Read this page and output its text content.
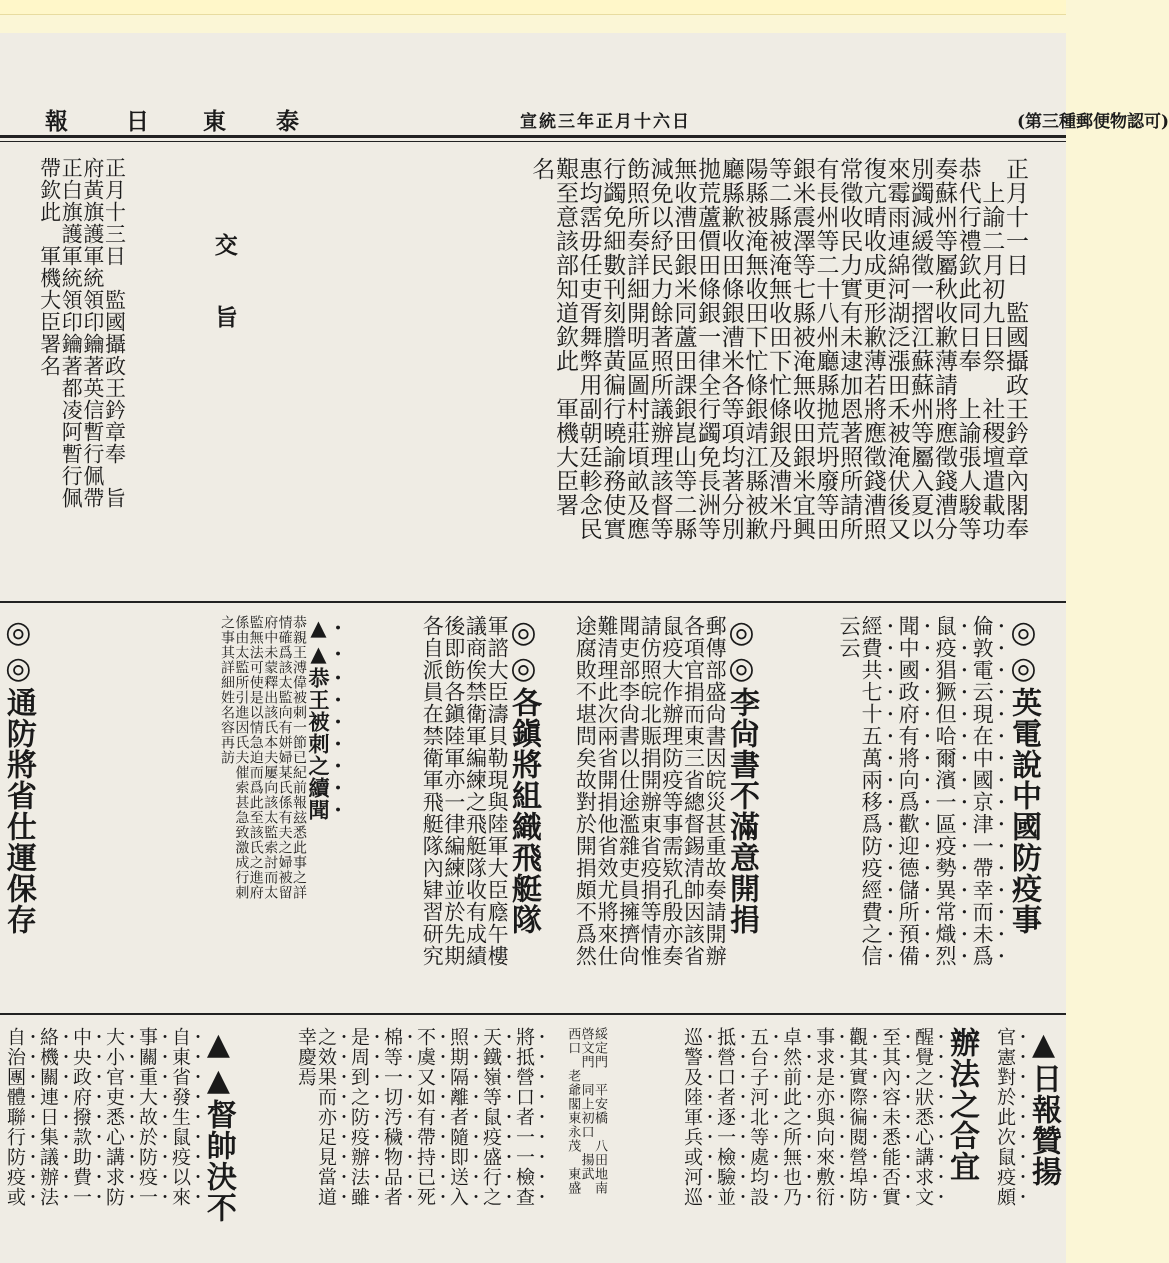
(第三種郵便物認可)
宣統三年正月十六日
泰
東
日
報
正月十一日　監國攝政王鈐章內閣奉
　上諭二月初九日祭　社稷壇遣載功
恭代行禮欽此同日奉　上諭張人駿等
奏蘇州等屬秋收歉薄請將應徵錢漕分
別蠲減緩徵一摺江蘇蘇州等屬入夏以
來霉雨連綿河湖泛漲田禾被淹伏後又
復亢晴收成更形歉薄若將應徵錢漕照
常徵收民力實有未逮加恩著照所請所
有長州等二十八州廳縣拋荒坍廢等田
銀米震澤等七縣被淹無收田銀米宜興
等二縣被淹無收田下忙條銀及漕米丹
陽縣被淹無收田下忙條銀靖江縣被歉
廳縣歉收田條銀漕米各等項均著分別
拋荒蘆價田條銀一律全行蠲免長洲等
無收漕田銀米同蘆田課銀崑山等二縣
減免以紓民力餘著照所議辦理該督等
飭照所奏詳細開明區圖村莊頃畝及應
行蠲免細數刊刻謄黃徧行曉諭務使實
惠均霑毋任吏胥舞弊用副朝廷軫念民
艱至意該部知道欽此　軍機大臣署
名
交　　旨
正月十三日　監國攝政王鈐章奉　旨
府黃旗護軍統領印鑰著英信暫行佩帶
正白旗護軍統領印鑰著都凌阿暫行佩
帶欽此　軍機大臣署名
◎◎英電說中國防疫事
倫敦電云現在中國京津一帶幸而未爲
鼠疫猖獗但哈爾濱一區疫勢異常熾烈
聞中國政府有將向爲歡迎德儲所預備
經費共七十五萬兩移爲防疫經費之信
云云
◎◎李尙書不滿意開捐
郵傳部盛尙書因皖災甚重故奏請開辦
各項官捐而東三省總督錫清帥因該省
鼠疫大作辦理防疫等事需欵孔殷亦奏
請仿照皖北賑捐開辦東省疫捐等情惟
聞吏部李尙書以仕途濫雜吏員擁擠尙
難清理此次兩省開捐他省效尤將來仕
途腐敗不堪問矣故對於開捐頗不爲然
◎◎各鎭將組織飛艇隊
軍諮大臣濤貝勒現與陸軍大臣廕午樓
議商俟禁衛軍編練之飛艇隊收有成績
後即飭各鎭陸軍亦一律編練並於先期
各自派員在禁衛軍飛艇隊內肄習研究
▲▲恭王被刺之續聞
恭親王溥偉被刺一節已紀前報玆悉此事之詳
情確爲該太監向有姘婦某氏係有夫之婦被留
府中未蒙釋出該氏本夫屢向該太監索討而太
監無法可使是以情急迫而爲此至該氏之進府
係由太監所引進因氏夫催索甚急致激成行刺
之事其詳細姓名容再訪
◎◎通防將省仕運保存
▲日報贊揚
官憲對於此次鼠疫頗
辦法之合宜
醒覺之狀悉心講求文
至其內容未悉能否實
觀其實際徧閱營埠防
事求是亦與向來敷衍
卓然前此之所無也乃
五台子河北等處均設
抵營口者逐一檢驗並
巡警及陸軍兵或河巡
綏定門　平安橋　八田地南
啓文門　同上初口　揚武
西口　老爺閣東永茂　東盛
將抵營口者一一檢查
天鐵嶺等鼠疫盛行之
照期隔離者隨即送入
不虞又如有帶持已死
棉等一切汚穢物品者
是周到之防疫辦法雖
之效果而亦足見當道
幸慶焉
▲▲督帥決不
自東省發生鼠疫以來
事關重大故於防疫一
大小官吏悉心講求防
中央政府撥款助費一
絡機關連日集議辦法
自治團體聯行防疫或
